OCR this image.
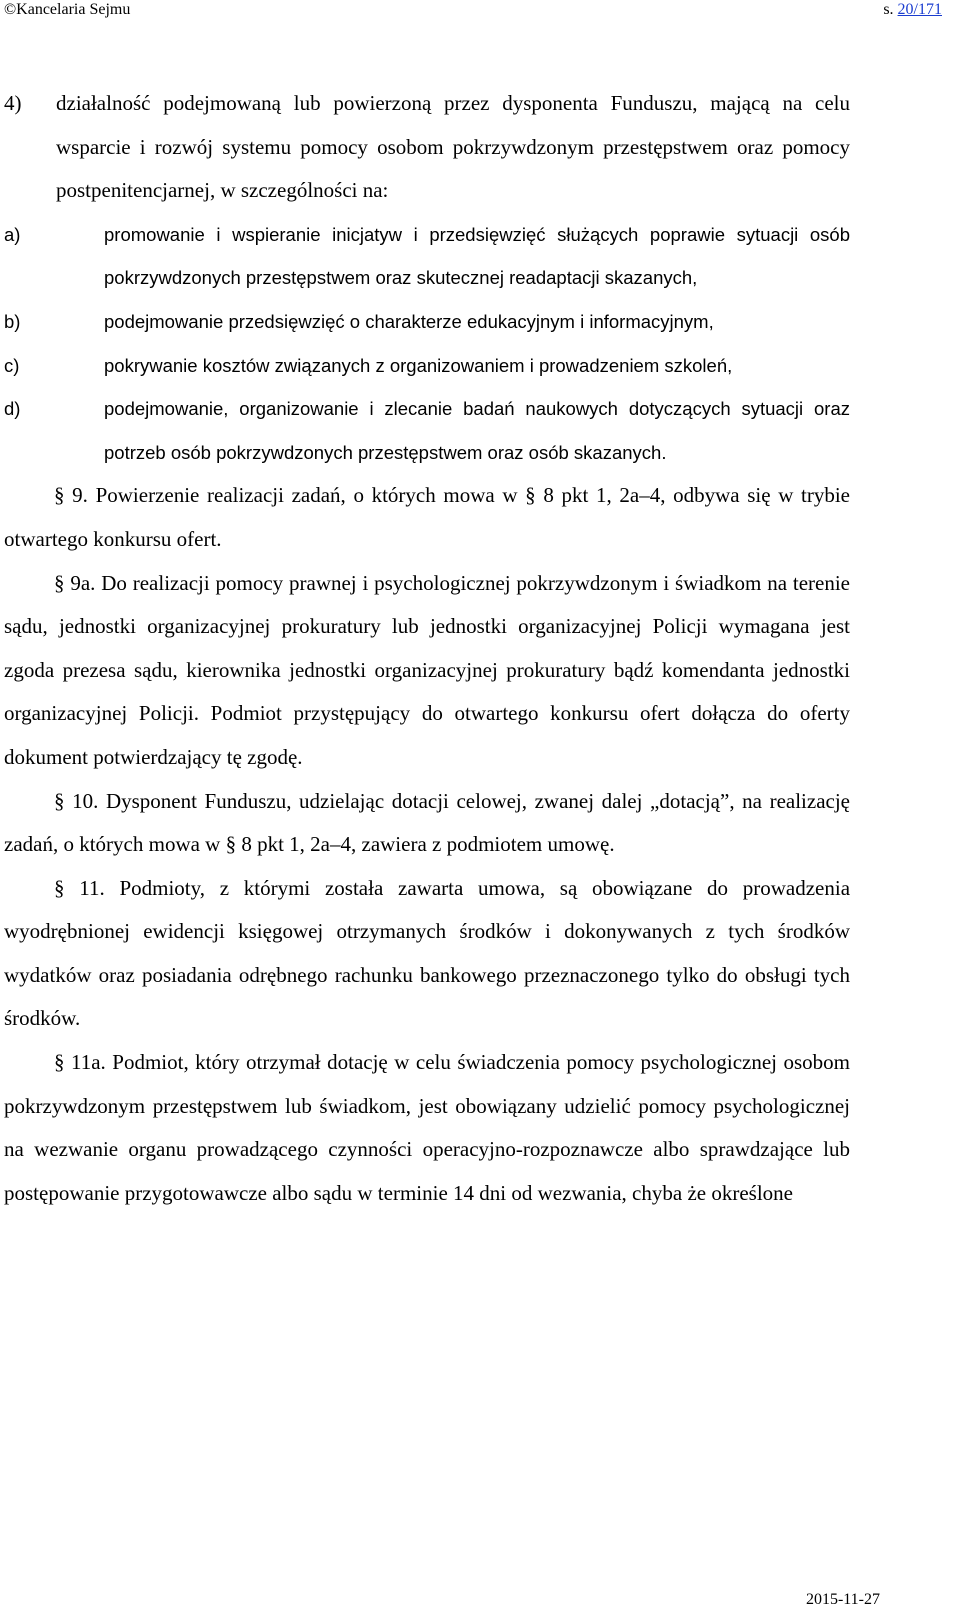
©Kancelaria Sejmu	s. 20/171
4)	działalność podejmowaną lub powierzoną przez dysponenta Funduszu, mającą na celu wsparcie i rozwój systemu pomocy osobom pokrzywdzonym przestępstwem oraz pomocy postpenitencjarnej, w szczególności na:
a)	promowanie i wspieranie inicjatyw i przedsięwzięć służących poprawie sytuacji osób pokrzywdzonych przestępstwem oraz skutecznej readaptacji skazanych,
b)	podejmowanie przedsięwzięć o charakterze edukacyjnym i informacyjnym,
c)	pokrywanie kosztów związanych z organizowaniem i prowadzeniem szkoleń,
d)	podejmowanie, organizowanie i zlecanie badań naukowych dotyczących sytuacji oraz potrzeb osób pokrzywdzonych przestępstwem oraz osób skazanych.

§ 9. Powierzenie realizacji zadań, o których mowa w § 8 pkt 1, 2a–4, odbywa się w trybie otwartego konkursu ofert.

§ 9a. Do realizacji pomocy prawnej i psychologicznej pokrzywdzonym i świadkom na terenie sądu, jednostki organizacyjnej prokuratury lub jednostki organizacyjnej Policji wymagana jest zgoda prezesa sądu, kierownika jednostki organizacyjnej prokuratury bądź komendanta jednostki organizacyjnej Policji. Podmiot przystępujący do otwartego konkursu ofert dołącza do oferty dokument potwierdzający tę zgodę.

§ 10. Dysponent Funduszu, udzielając dotacji celowej, zwanej dalej „dotacją”, na realizację zadań, o których mowa w § 8 pkt 1, 2a–4, zawiera z podmiotem umowę.

§ 11. Podmioty, z którymi została zawarta umowa, są obowiązane do prowadzenia wyodrębnionej ewidencji księgowej otrzymanych środków i dokonywanych z tych środków wydatków oraz posiadania odrębnego rachunku bankowego przeznaczonego tylko do obsługi tych środków.

§ 11a. Podmiot, który otrzymał dotację w celu świadczenia pomocy psychologicznej osobom pokrzywdzonym przestępstwem lub świadkom, jest obowiązany udzielić pomocy psychologicznej na wezwanie organu prowadzącego czynności operacyjno-rozpoznawcze albo sprawdzające lub postępowanie przygotowawcze albo sądu w terminie 14 dni od wezwania, chyba że określone

2015-11-27
